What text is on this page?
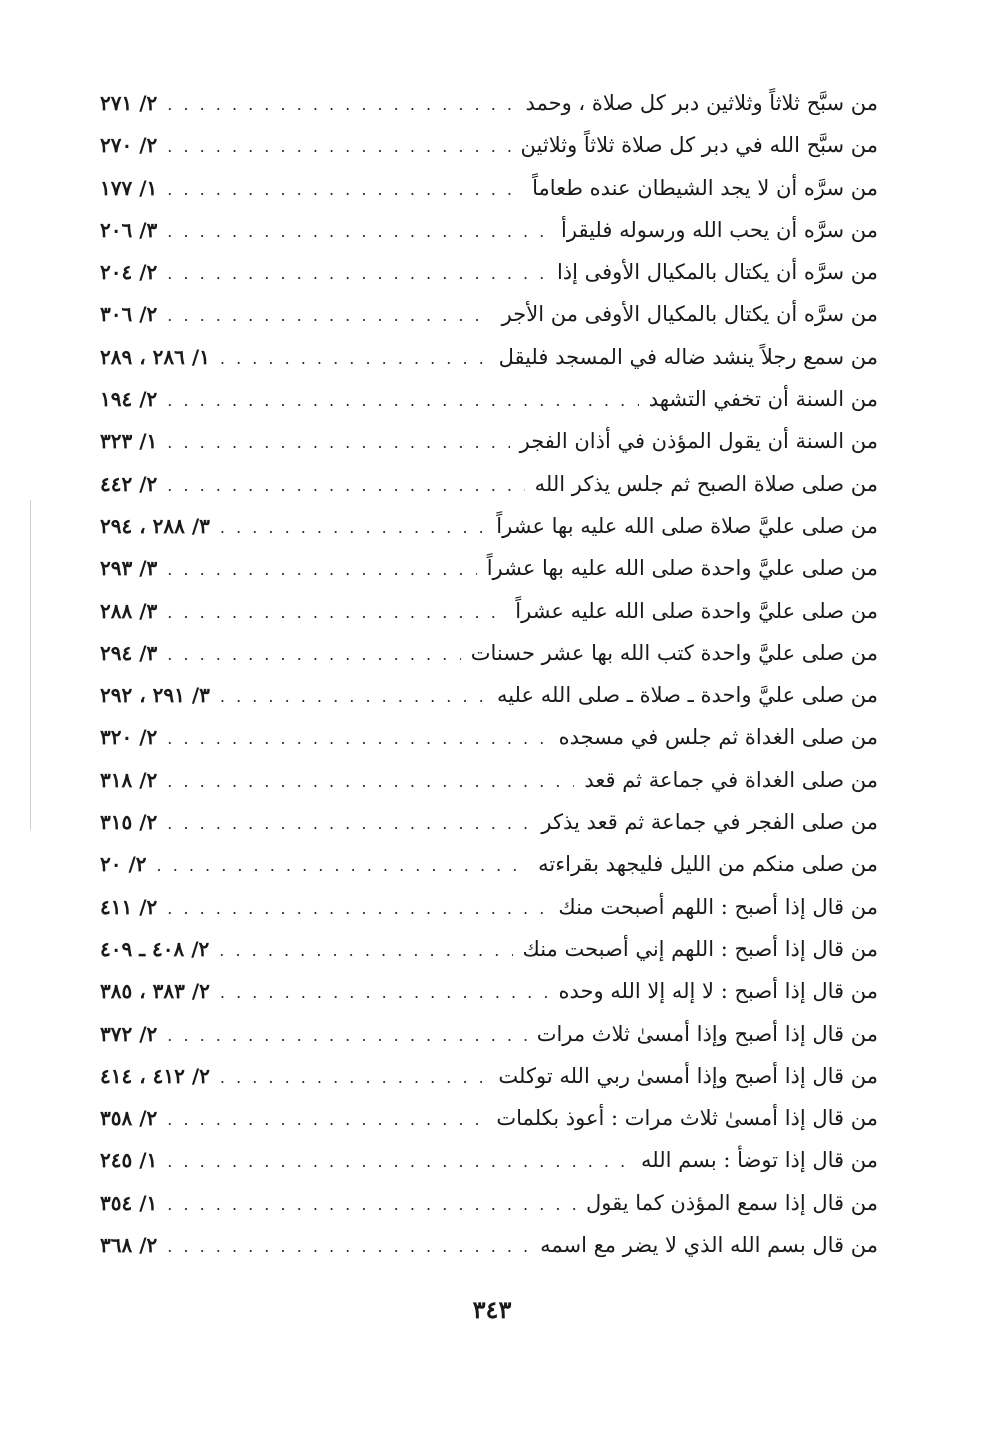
من سبَّح ثلاثاً وثلاثين دبر كل صلاة ، وحمد
. . .
٢/ ٢٧١
من سبَّح الله في دبر كل صلاة ثلاثاً وثلاثين
. . .
٢/ ٢٧٠
من سرَّه أن لا يجد الشيطان عنده طعاماً
. . .
١/ ١٧٧
من سرَّه أن يحب الله ورسوله فليقرأ
. . .
٣/ ٢٠٦
من سرَّه أن يكتال بالمكيال الأوفى إذا
. . .
٢/ ٢٠٤
من سرَّه أن يكتال بالمكيال الأوفى من الأجر
. . .
٢/ ٣٠٦
من سمع رجلاً ينشد ضاله في المسجد فليقل
. . .
١/ ٢٨٦ ، ٢٨٩
من السنة أن تخفي التشهد
. . .
٢/ ١٩٤
من السنة أن يقول المؤذن في أذان الفجر
. . .
١/ ٣٢٣
من صلى صلاة الصبح ثم جلس يذكر الله
. . .
٢/ ٤٤٢
من صلى عليَّ صلاة صلى الله عليه بها عشراً
. . .
٣/ ٢٨٨ ، ٢٩٤
من صلى عليَّ واحدة صلى الله عليه بها عشراً
. . .
٣/ ٢٩٣
من صلى عليَّ واحدة صلى الله عليه عشراً
. . .
٣/ ٢٨٨
من صلى عليَّ واحدة كتب الله بها عشر حسنات
. . .
٣/ ٢٩٤
من صلى عليَّ واحدة ـ صلاة ـ صلى الله عليه
. . .
٣/ ٢٩١ ، ٢٩٢
من صلى الغداة ثم جلس في مسجده
. . .
٢/ ٣٢٠
من صلى الغداة في جماعة ثم قعد
. . .
٢/ ٣١٨
من صلى الفجر في جماعة ثم قعد يذكر
. . .
٢/ ٣١٥
من صلى منكم من الليل فليجهد بقراءته
. . .
٢/ ٢٠
من قال إذا أصبح : اللهم أصبحت منك
. . .
٢/ ٤١١
من قال إذا أصبح : اللهم إني أصبحت منك
. . .
٢/ ٤٠٨ ـ ٤٠٩
من قال إذا أصبح : لا إله إلا الله وحده
. . .
٢/ ٣٨٣ ، ٣٨٥
من قال إذا أصبح وإذا أمسىٰ ثلاث مرات
. . .
٢/ ٣٧٢
من قال إذا أصبح وإذا أمسىٰ ربي الله توكلت
. . .
٢/ ٤١٢ ، ٤١٤
من قال إذا أمسىٰ ثلاث مرات : أعوذ بكلمات
. . .
٢/ ٣٥٨
من قال إذا توضأ : بسم الله
. . .
١/ ٢٤٥
من قال إذا سمع المؤذن كما يقول
. . .
١/ ٣٥٤
من قال بسم الله الذي لا يضر مع اسمه
. . .
٢/ ٣٦٨
٣٤٣
